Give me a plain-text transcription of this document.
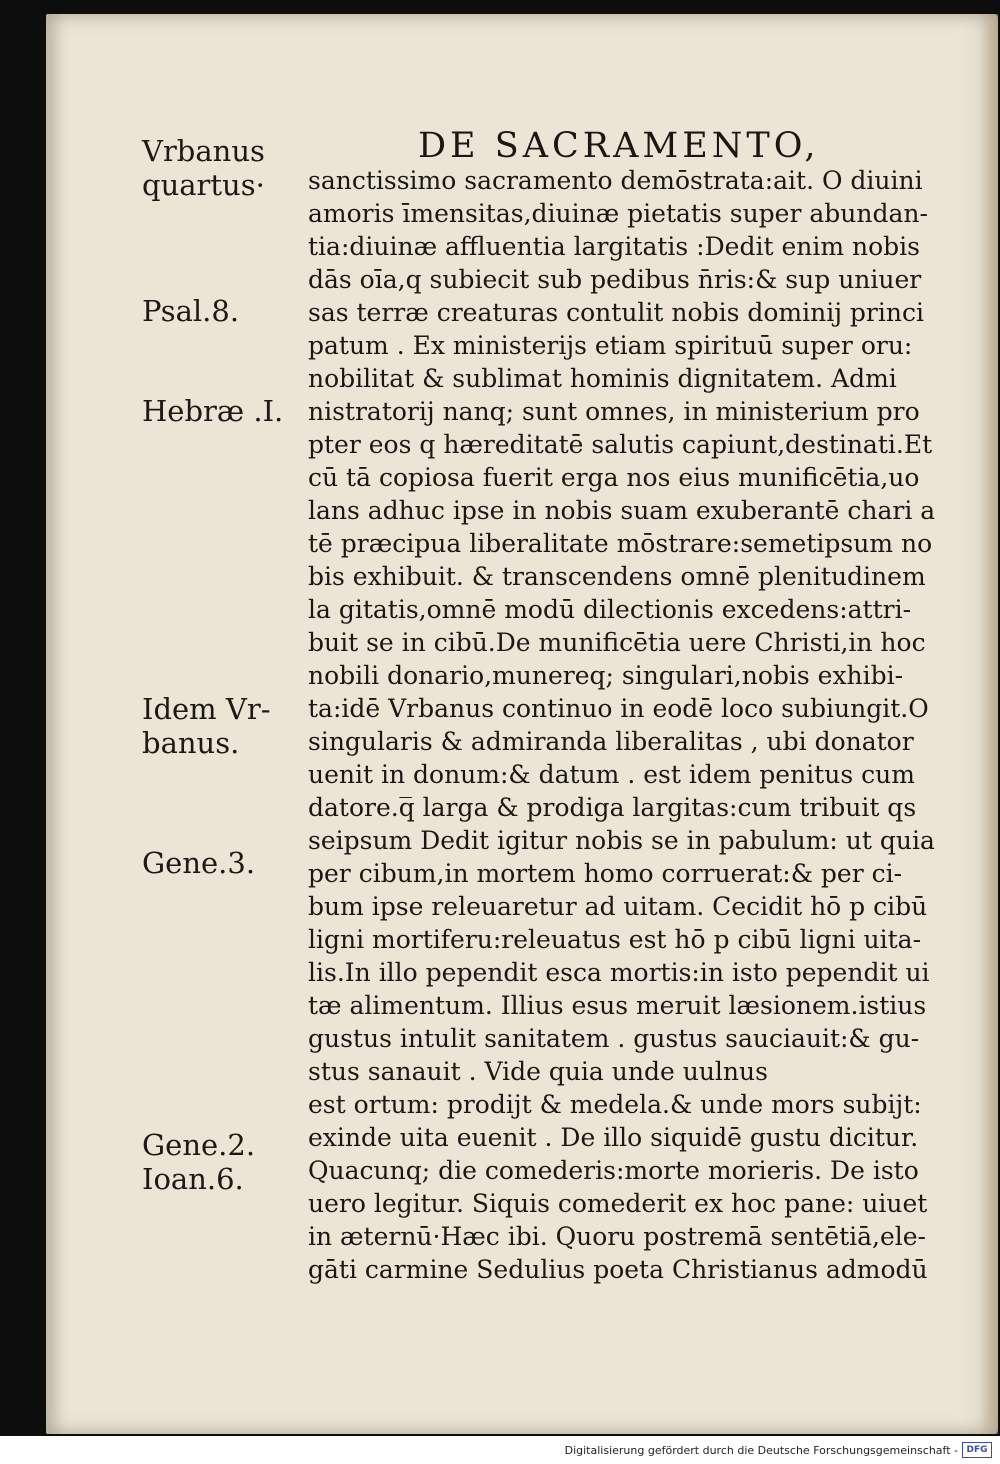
DE SACRAMENTO,

Vrbanus
quartus·

Psal.8.

Hebræ .I.

Idem Vr-
banus.

Gene.3.

Gene.2.
Ioan.6.

sanctissimo sacramento demōstrata:ait. O diuini
amoris īmensitas,diuinæ pietatis super abundan-
tia:diuinæ affluentia largitatis :Dedit enim nobis
dās oīa,q subiecit sub pedibus n̄ris:& sup uniuer
sas terræ creaturas contulit nobis dominij princi
patum . Ex ministerijs etiam spirituū super oru:
nobilitat & sublimat hominis dignitatem. Admi
nistratorij nanq; sunt omnes, in ministerium pro
pter eos q hæreditatē salutis capiunt,destinati.Et
cū tā copiosa fuerit erga nos eius munificētia,uo
lans adhuc ipse in nobis suam exuberantē chari a
tē præcipua liberalitate mōstrare:semetipsum no
bis exhibuit. & transcendens omnē plenitudinem
la gitatis,omnē modū dilectionis excedens:attri-
buit se in cibū.De munificētia uere Christi,in hoc
nobili donario,munereq; singulari,nobis exhibi-
ta:idē Vrbanus continuo in eodē loco subiungit.O
singularis & admiranda liberalitas , ubi donator
uenit in donum:& datum . est idem penitus cum
datore.q̅ larga & prodiga largitas:cum tribuit qs
seipsum Dedit igitur nobis se in pabulum: ut quia
per cibum,in mortem homo corruerat:& per ci-
bum ipse releuaretur ad uitam. Cecidit hō p cibū
ligni mortiferu:releuatus est hō p cibū ligni uita-
lis.In illo pependit esca mortis:in isto pependit ui
tæ alimentum. Illius esus meruit læsionem.istius
gustus intulit sanitatem . gustus sauciauit:& gu-
stus sanauit . Vide quia unde uulnus
est ortum: prodijt & medela.& unde mors subijt:
exinde uita euenit . De illo siquidē gustu dicitur.
Quacunq; die comederis:morte morieris. De isto
uero legitur. Siquis comederit ex hoc pane: uiuet
in æternū·Hæc ibi. Quoru postremā sentētiā,ele-
gāti carmine Sedulius poeta Christianus admodū
Digitalisierung gefördert durch die Deutsche Forschungsgemeinschaft - DFG
